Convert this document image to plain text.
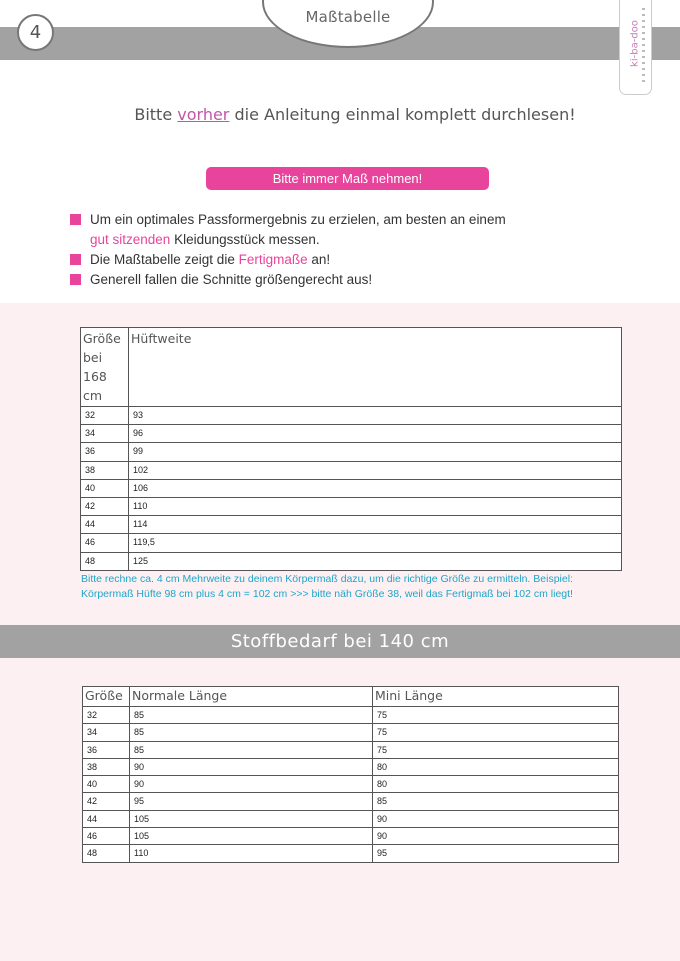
4
Maßtabelle
ki-ba-doo
Bitte vorher die Anleitung einmal komplett durchlesen!
Bitte immer Maß nehmen!
Um ein optimales Passformergebnis zu erzielen, am besten an einem
gut sitzenden Kleidungsstück messen.
Die Maßtabelle zeigt die Fertigmaße an!
Generell fallen die Schnitte größengerecht aus!
Größe bei 168 cm	Hüftweite
32	93
34	96
36	99
38	102
40	106
42	110
44	114
46	119,5
48	125
Bitte rechne ca. 4 cm Mehrweite zu deinem Körpermaß dazu, um die richtige Größe zu ermitteln. Beispiel:
Körpermaß Hüfte 98 cm plus 4 cm = 102 cm >>> bitte näh Größe 38, weil das Fertigmaß bei 102 cm liegt!
Stoffbedarf bei 140 cm
Größe	Normale Länge	Mini Länge
32	85	75
34	85	75
36	85	75
38	90	80
40	90	80
42	95	85
44	105	90
46	105	90
48	110	95
